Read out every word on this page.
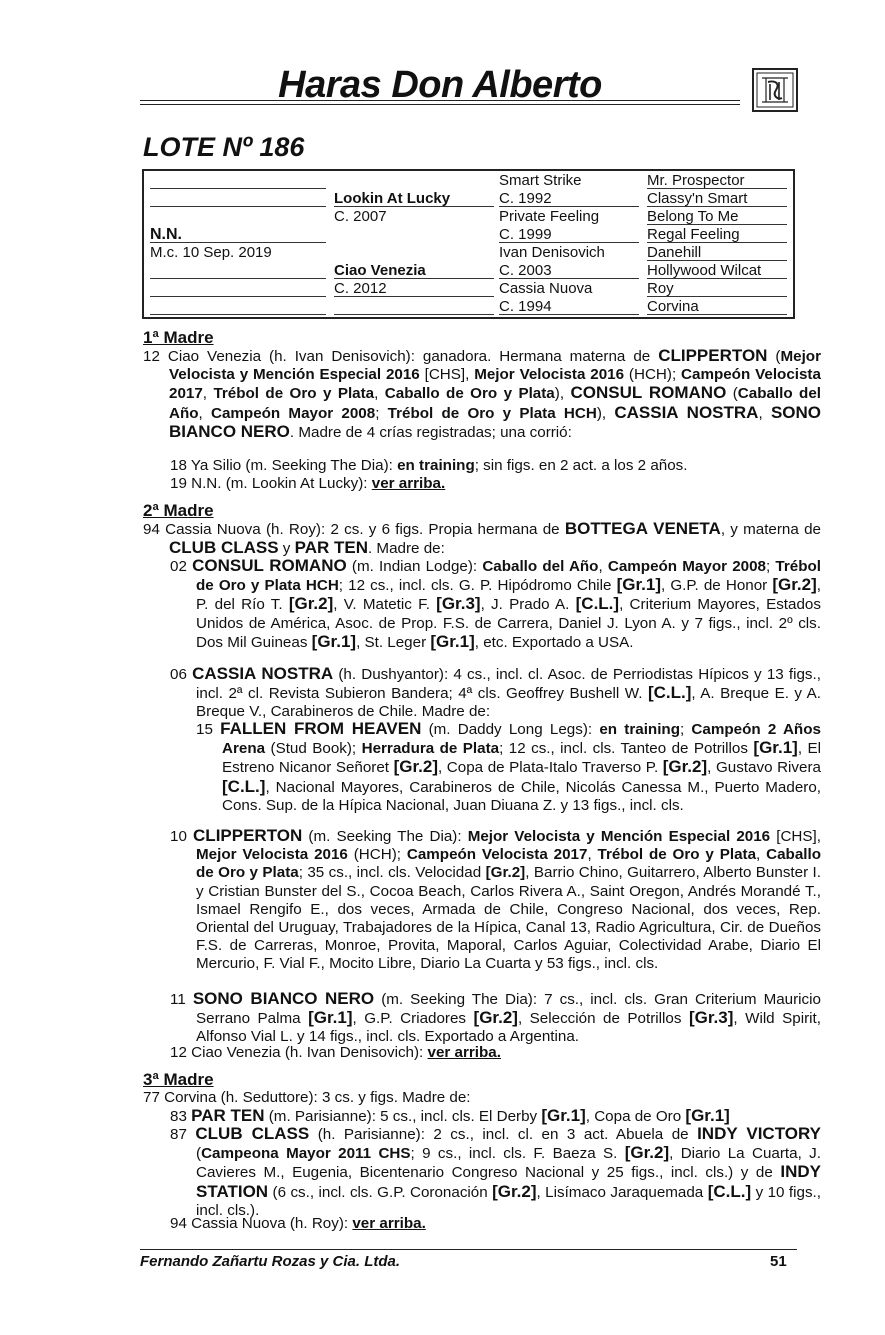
Haras Don Alberto
LOTE Nº 186
N.N.
M.c. 10 Sep. 2019
Lookin At Lucky
C. 2007
Ciao Venezia
C. 2012
Smart Strike
C. 1992
Private Feeling
C. 1999
Ivan Denisovich
C. 2003
Cassia Nuova
C. 1994
Mr. Prospector
Classy'n Smart
Belong To Me
Regal Feeling
Danehill
Hollywood Wilcat
Roy
Corvina
1ª Madre
12 Ciao Venezia (h. Ivan Denisovich): ganadora. Hermana materna de CLIPPERTON (Mejor Velocista y Mención Especial 2016 [CHS], Mejor Velocista 2016 (HCH); Campeón Velocista 2017, Trébol de Oro y Plata, Caballo de Oro y Plata), CONSUL ROMANO (Caballo del Año, Campeón Mayor 2008; Trébol de Oro y Plata HCH), CASSIA NOSTRA, SONO BIANCO NERO. Madre de 4 crías registradas; una corrió:
18 Ya Silio (m. Seeking The Dia): en training; sin figs. en 2 act. a los 2 años.
19 N.N. (m. Lookin At Lucky): ver arriba.
2ª Madre
94 Cassia Nuova (h. Roy): 2 cs. y 6 figs. Propia hermana de BOTTEGA VENETA, y materna de CLUB CLASS y PAR TEN. Madre de:
02 CONSUL ROMANO (m. Indian Lodge): Caballo del Año, Campeón Mayor 2008; Trébol de Oro y Plata HCH; 12 cs., incl. cls. G. P. Hipódromo Chile [Gr.1], G.P. de Honor [Gr.2], P. del Río T. [Gr.2], V. Matetic F. [Gr.3], J. Prado A. [C.L.], Criterium Mayores, Estados Unidos de América, Asoc. de Prop. F.S. de Carrera, Daniel J. Lyon A. y 7 figs., incl. 2º cls. Dos Mil Guineas [Gr.1], St. Leger [Gr.1], etc. Exportado a USA.
06 CASSIA NOSTRA (h. Dushyantor): 4 cs., incl. cl. Asoc. de Perriodistas Hípicos y 13 figs., incl. 2ª cl. Revista Subieron Bandera; 4ª cls. Geoffrey Bushell W. [C.L.], A. Breque E. y A. Breque V., Carabineros de Chile. Madre de:
15 FALLEN FROM HEAVEN (m. Daddy Long Legs): en training; Campeón 2 Años Arena (Stud Book); Herradura de Plata; 12 cs., incl. cls. Tanteo de Potrillos [Gr.1], El Estreno Nicanor Señoret [Gr.2], Copa de Plata-Italo Traverso P. [Gr.2], Gustavo Rivera [C.L.], Nacional Mayores, Carabineros de Chile, Nicolás Canessa M., Puerto Madero, Cons. Sup. de la Hípica Nacional, Juan Diuana Z. y 13 figs., incl. cls.
10 CLIPPERTON (m. Seeking The Dia): Mejor Velocista y Mención Especial 2016 [CHS], Mejor Velocista 2016 (HCH); Campeón Velocista 2017, Trébol de Oro y Plata, Caballo de Oro y Plata; 35 cs., incl. cls. Velocidad [Gr.2], Barrio Chino, Guitarrero, Alberto Bunster I. y Cristian Bunster del S., Cocoa Beach, Carlos Rivera A., Saint Oregon, Andrés Morandé T., Ismael Rengifo E., dos veces, Armada de Chile, Congreso Nacional, dos veces, Rep. Oriental del Uruguay, Trabajadores de la Hípica, Canal 13, Radio Agricultura, Cir. de Dueños F.S. de Carreras, Monroe, Provita, Maporal, Carlos Aguiar, Colectividad Arabe, Diario El Mercurio, F. Vial F., Mocito Libre, Diario La Cuarta y 53 figs., incl. cls.
11 SONO BIANCO NERO (m. Seeking The Dia): 7 cs., incl. cls. Gran Criterium Mauricio Serrano Palma [Gr.1], G.P. Criadores [Gr.2], Selección de Potrillos [Gr.3], Wild Spirit, Alfonso Vial L. y 14 figs., incl. cls. Exportado a Argentina.
12 Ciao Venezia (h. Ivan Denisovich): ver arriba.
3ª Madre
77 Corvina (h. Seduttore): 3 cs. y figs. Madre de:
83 PAR TEN (m. Parisianne): 5 cs., incl. cls. El Derby [Gr.1], Copa de Oro [Gr.1]
87 CLUB CLASS (h. Parisianne): 2 cs., incl. cl. en 3 act. Abuela de INDY VICTORY (Campeona Mayor 2011 CHS; 9 cs., incl. cls. F. Baeza S. [Gr.2], Diario La Cuarta, J. Cavieres M., Eugenia, Bicentenario Congreso Nacional y 25 figs., incl. cls.) y de INDY STATION (6 cs., incl. cls. G.P. Coronación [Gr.2], Lisímaco Jaraquemada [C.L.] y 10 figs., incl. cls.).
94 Cassia Nuova (h. Roy): ver arriba.
Fernando Zañartu Rozas y Cia. Ltda.	51
